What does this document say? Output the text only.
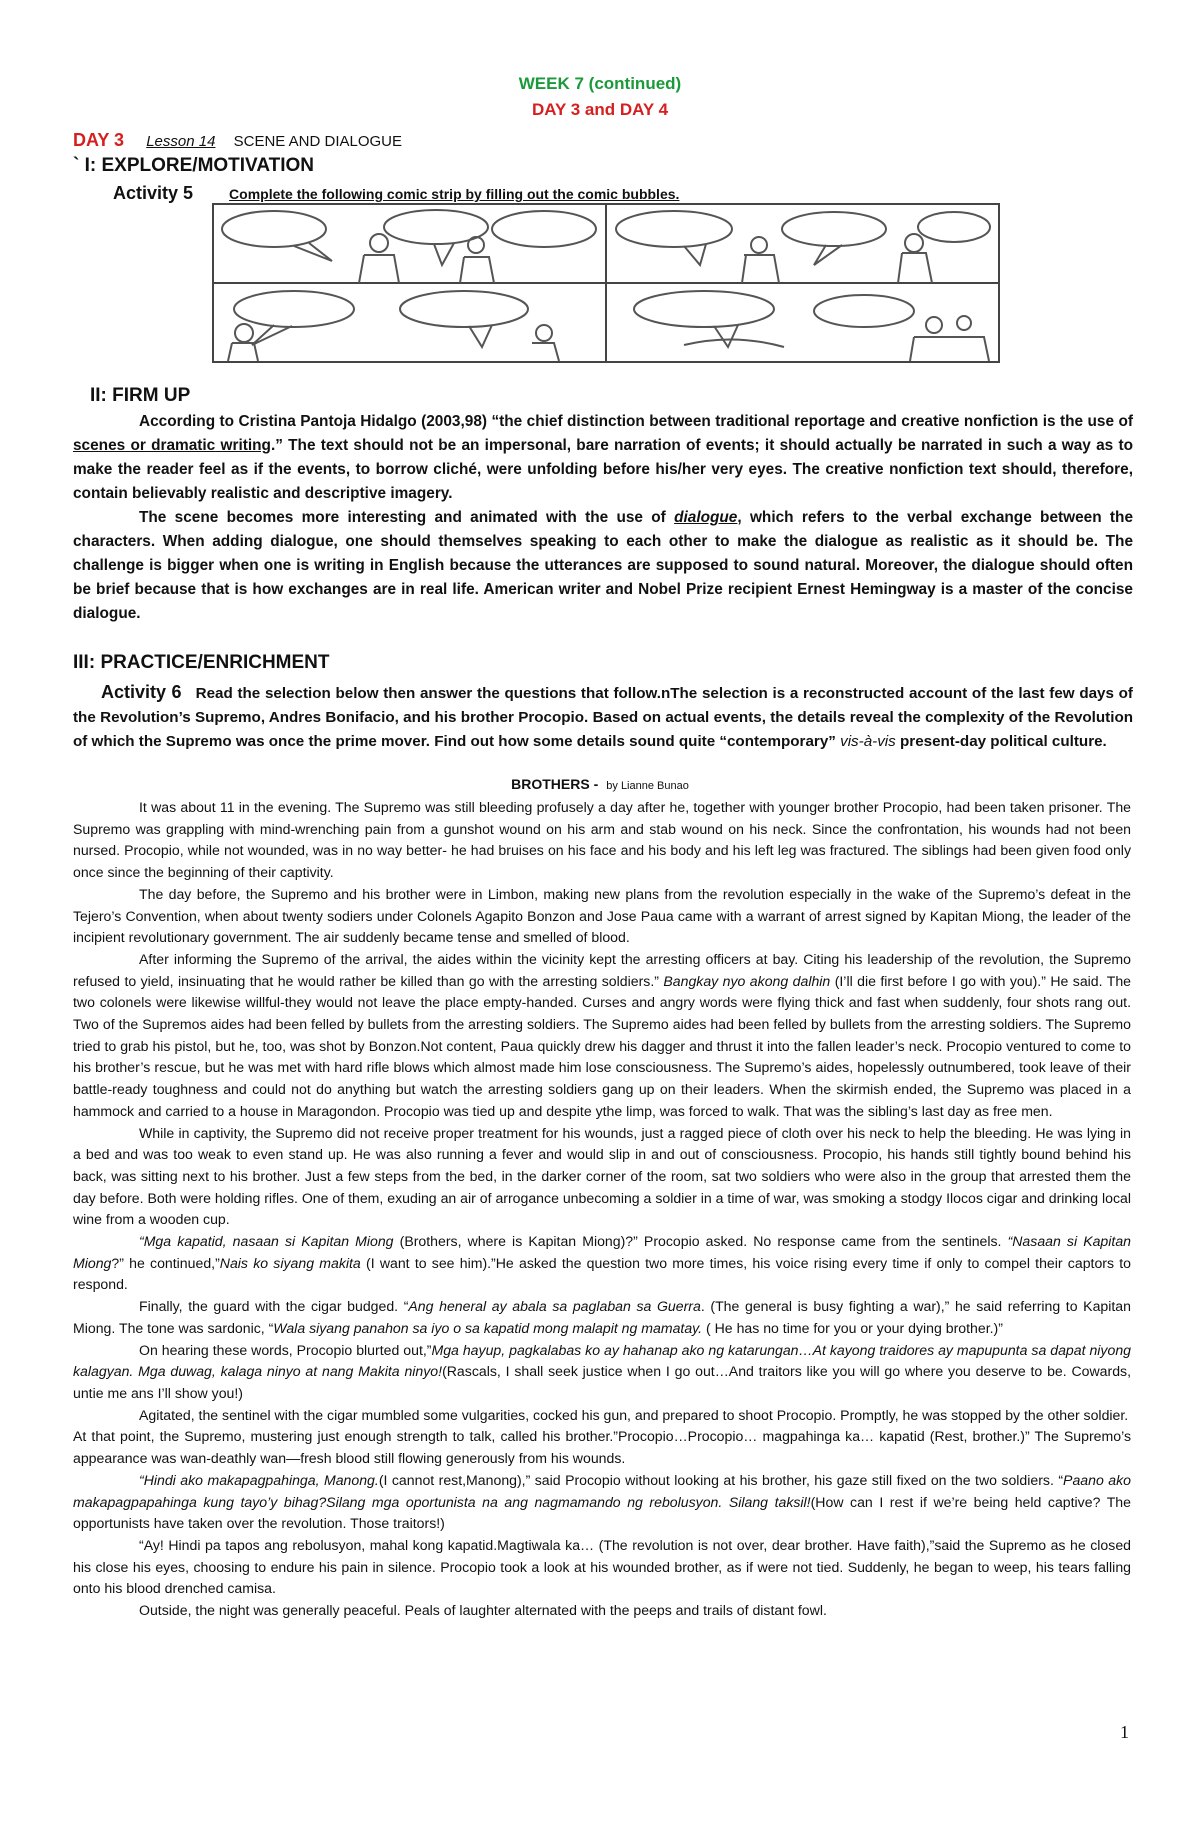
WEEK 7 (continued)
DAY 3 and DAY 4
DAY 3 Lesson 14 SCENE AND DIALOGUE
` I: EXPLORE/MOTIVATION
Activity 5	Complete the following comic strip by filling out the comic bubbles.
II: FIRM UP

According to Cristina Pantoja Hidalgo (2003,98) “the chief distinction between traditional reportage and creative nonfiction is the use of scenes or dramatic writing.” The text should not be an impersonal, bare narration of events; it should actually be narrated in such a way as to make the reader feel as if the events, to borrow cliché, were unfolding before his/her very eyes. The creative nonfiction text should, therefore, contain believably realistic and descriptive imagery.

The scene becomes more interesting and animated with the use of dialogue, which refers to the verbal exchange between the characters. When adding dialogue, one should themselves speaking to each other to make the dialogue as realistic as it should be. The challenge is bigger when one is writing in English because the utterances are supposed to sound natural. Moreover, the dialogue should often be brief because that is how exchanges are in real life. American writer and Nobel Prize recipient Ernest Hemingway is a master of the concise dialogue.

III: PRACTICE/ENRICHMENT

Activity 6 Read the selection below then answer the questions that follow.nThe selection is a reconstructed account of the last few days of the Revolution’s Supremo, Andres Bonifacio, and his brother Procopio. Based on actual events, the details reveal the complexity of the Revolution of which the Supremo was once the prime mover. Find out how some details sound quite “contemporary” vis-à-vis present-day political culture.

BROTHERS - by Lianne Bunao

It was about 11 in the evening. The Supremo was still bleeding profusely a day after he, together with younger brother Procopio, had been taken prisoner. The Supremo was grappling with mind-wrenching pain from a gunshot wound on his arm and stab wound on his neck. Since the confrontation, his wounds had not been nursed. Procopio, while not wounded, was in no way better- he had bruises on his face and his body and his left leg was fractured. The siblings had been given food only once since the beginning of their captivity.

The day before, the Supremo and his brother were in Limbon, making new plans from the revolution especially in the wake of the Supremo’s defeat in the Tejero’s Convention, when about twenty sodiers under Colonels Agapito Bonzon and Jose Paua came with a warrant of arrest signed by Kapitan Miong, the leader of the incipient revolutionary government. The air suddenly became tense and smelled of blood.

After informing the Supremo of the arrival, the aides within the vicinity kept the arresting officers at bay. Citing his leadership of the revolution, the Supremo refused to yield, insinuating that he would rather be killed than go with the arresting soldiers.” Bangkay nyo akong dalhin (I’ll die first before I go with you).” He said. The two colonels were likewise willful-they would not leave the place empty-handed. Curses and angry words were flying thick and fast when suddenly, four shots rang out. Two of the Supremos aides had been felled by bullets from the arresting soldiers. The Supremo aides had been felled by bullets from the arresting soldiers. The Supremo tried to grab his pistol, but he, too, was shot by Bonzon.Not content, Paua quickly drew his dagger and thrust it into the fallen leader’s neck. Procopio ventured to come to his brother’s rescue, but he was met with hard rifle blows which almost made him lose consciousness. The Supremo’s aides, hopelessly outnumbered, took leave of their battle-ready toughness and could not do anything but watch the arresting soldiers gang up on their leaders. When the skirmish ended, the Supremo was placed in a hammock and carried to a house in Maragondon. Procopio was tied up and despite ythe limp, was forced to walk. That was the sibling’s last day as free men.

While in captivity, the Supremo did not receive proper treatment for his wounds, just a ragged piece of cloth over his neck to help the bleeding. He was lying in a bed and was too weak to even stand up. He was also running a fever and would slip in and out of consciousness. Procopio, his hands still tightly bound behind his back, was sitting next to his brother. Just a few steps from the bed, in the darker corner of the room, sat two soldiers who were also in the group that arrested them the day before. Both were holding rifles. One of them, exuding an air of arrogance unbecoming a soldier in a time of war, was smoking a stodgy Ilocos cigar and drinking local wine from a wooden cup.

“Mga kapatid, nasaan si Kapitan Miong (Brothers, where is Kapitan Miong)?” Procopio asked. No response came from the sentinels. “Nasaan si Kapitan Miong?” he continued,”Nais ko siyang makita (I want to see him).”He asked the question two more times, his voice rising every time if only to compel their captors to respond.

Finally, the guard with the cigar budged. “Ang heneral ay abala sa paglaban sa Guerra. (The general is busy fighting a war),” he said referring to Kapitan Miong. The tone was sardonic, “Wala siyang panahon sa iyo o sa kapatid mong malapit ng mamatay. ( He has no time for you or your dying brother.)”

On hearing these words, Procopio blurted out,”Mga hayup, pagkalabas ko ay hahanap ako ng katarungan…At kayong traidores ay mapupunta sa dapat niyong kalagyan. Mga duwag, kalaga ninyo at nang Makita ninyo!(Rascals, I shall seek justice when I go out…And traitors like you will go where you deserve to be. Cowards, untie me ans I’ll show you!)

Agitated, the sentinel with the cigar mumbled some vulgarities, cocked his gun, and prepared to shoot Procopio. Promptly, he was stopped by the other soldier.

At that point, the Supremo, mustering just enough strength to talk, called his brother.”Procopio…Procopio… magpahinga ka… kapatid (Rest, brother.)” The Supremo’s appearance was wan-deathly wan—fresh blood still flowing generously from his wounds.

“Hindi ako makapagpahinga, Manong.(I cannot rest,Manong),” said Procopio without looking at his brother, his gaze still fixed on the two soldiers. “Paano ako makapagpapahinga kung tayo’y bihag?Silang mga oportunista na ang nagmamando ng rebolusyon. Silang taksil!(How can I rest if we’re being held captive? The opportunists have taken over the revolution. Those traitors!)

“Ay! Hindi pa tapos ang rebolusyon, mahal kong kapatid.Magtiwala ka… (The revolution is not over, dear brother. Have faith),”said the Supremo as he closed his close his eyes, choosing to endure his pain in silence. Procopio took a look at his wounded brother, as if were not tied. Suddenly, he began to weep, his tears falling onto his blood drenched camisa.

Outside, the night was generally peaceful. Peals of laughter alternated with the peeps and trails of distant fowl.

1
